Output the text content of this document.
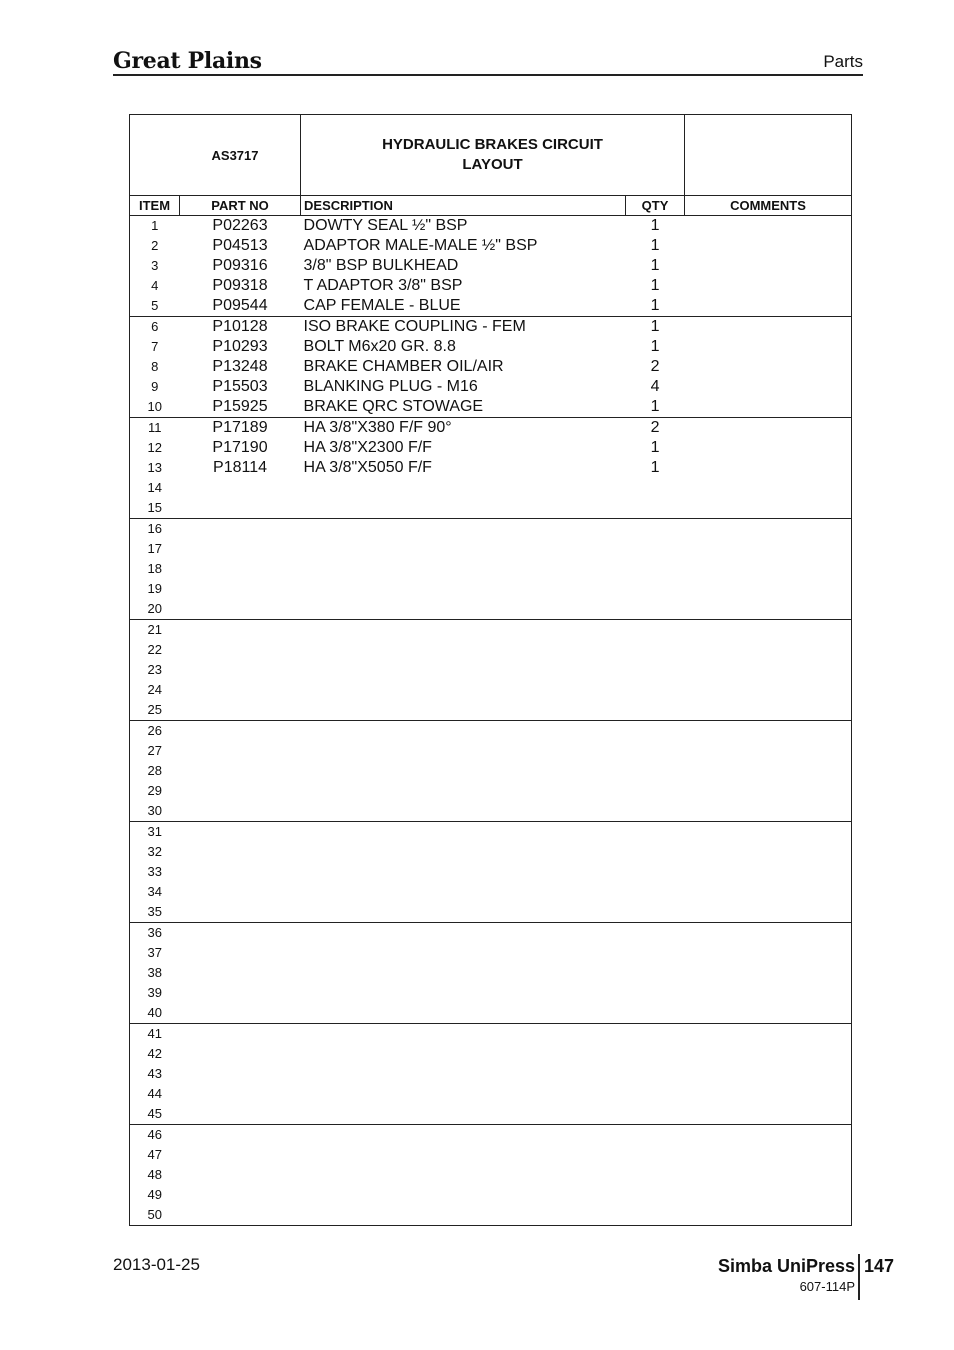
Great Plains	Parts
AS3717		HYDRAULIC BRAKES CIRCUIT
LAYOUT		

ITEM	PART NO	DESCRIPTION	QTY	COMMENTS
1	P02263	DOWTY SEAL ½" BSP	1	
2	P04513	ADAPTOR MALE-MALE ½" BSP	1	
3	P09316	3/8" BSP BULKHEAD	1	
4	P09318	T ADAPTOR 3/8" BSP	1	
5	P09544	CAP FEMALE - BLUE	1	
6	P10128	ISO BRAKE COUPLING - FEM	1	
7	P10293	BOLT M6x20 GR. 8.8	1	
8	P13248	BRAKE CHAMBER OIL/AIR	2	
9	P15503	BLANKING PLUG - M16	4	
10	P15925	BRAKE QRC STOWAGE	1	
11	P17189	HA 3/8"X380 F/F 90°	2	
12	P17190	HA 3/8"X2300 F/F	1	
13	P18114	HA 3/8"X5050 F/F	1	
14				
15				
16				
17				
18				
19				
20				
21				
22				
23				
24				
25				
26				
27				
28				
29				
30				
31				
32				
33				
34				
35				
36				
37				
38				
39				
40				
41				
42				
43				
44				
45				
46				
47				
48				
49				
50				
2013-01-25	Simba UniPress
607-114P
147
